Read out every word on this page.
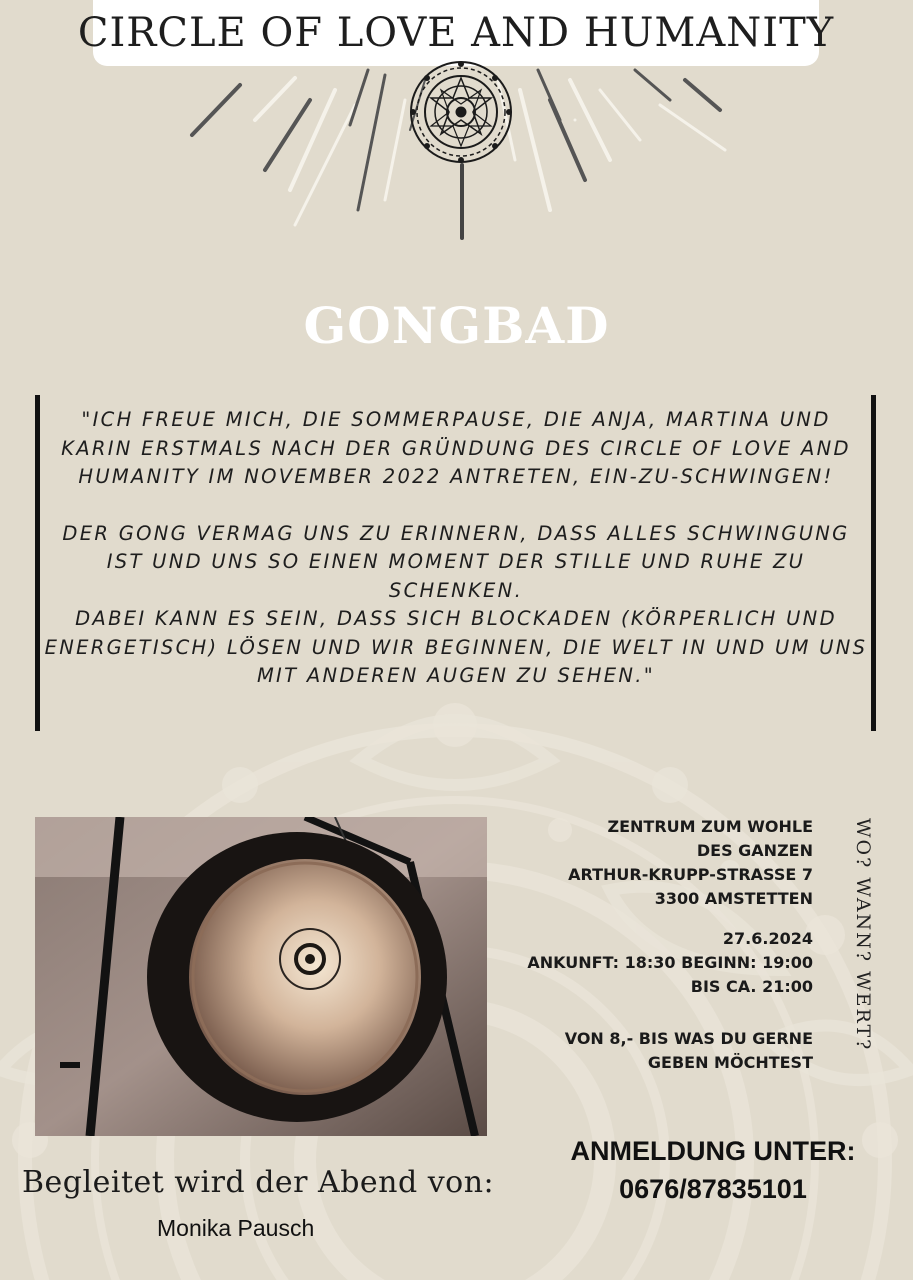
CIRCLE OF LOVE AND HUMANITY
GONGBAD

"ICH FREUE MICH, DIE SOMMERPAUSE, DIE ANJA, MARTINA UND KARIN ERSTMALS NACH DER GRÜNDUNG DES CIRCLE OF LOVE AND HUMANITY IM NOVEMBER 2022 ANTRETEN, EIN-ZU-SCHWINGEN!

DER GONG VERMAG UNS ZU ERINNERN, DASS ALLES SCHWINGUNG IST UND UNS SO EINEN MOMENT DER STILLE UND RUHE ZU SCHENKEN.

DABEI KANN ES SEIN, DASS SICH BLOCKADEN (KÖRPERLICH UND ENERGETISCH) LÖSEN UND WIR BEGINNEN, DIE WELT IN UND UM UNS MIT ANDEREN AUGEN ZU SEHEN."

ZENTRUM ZUM WOHLE

DES GANZEN

ARTHUR-KRUPP-STRASSE 7

3300 AMSTETTEN

27.6.2024

ANKUNFT: 18:30 BEGINN: 19:00

BIS CA. 21:00

VON 8,- BIS WAS DU GERNE

GEBEN MÖCHTEST

WO? WANN? WERT?

ANMELDUNG UNTER:

0676/87835101

Begleitet wird der Abend von:
Monika Pausch
